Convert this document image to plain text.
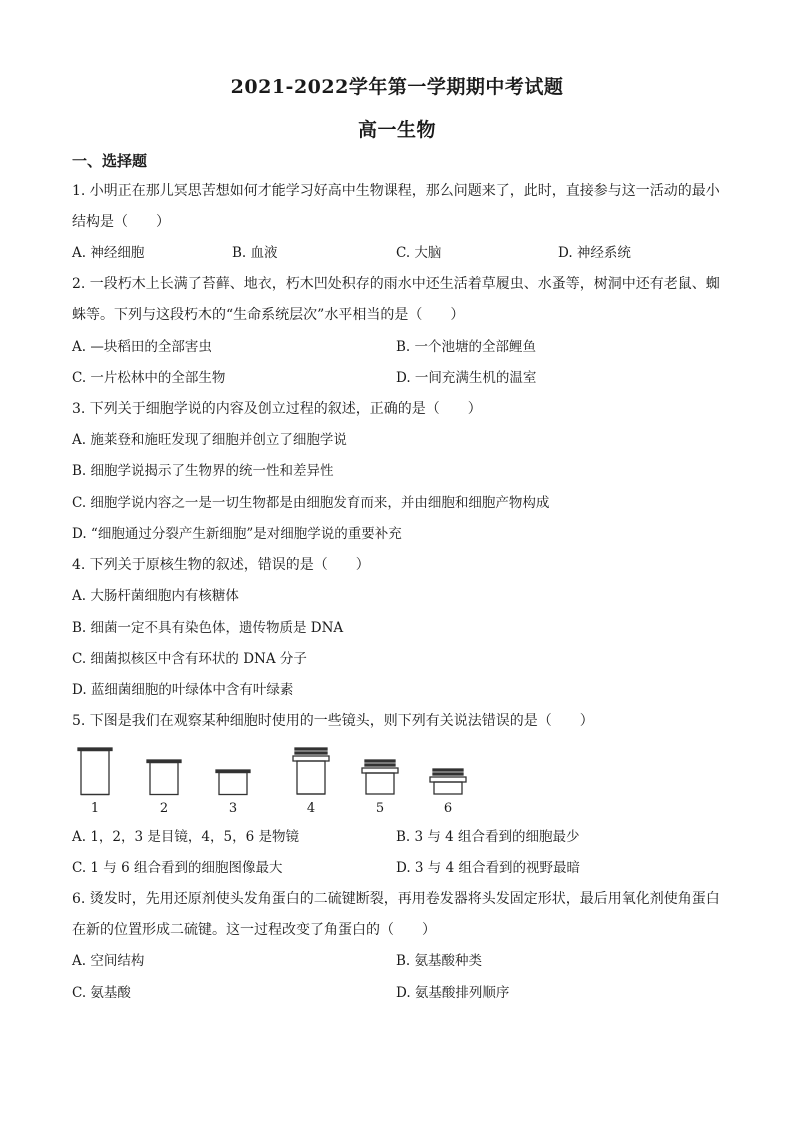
2021-2022学年第一学期期中考试题
高一生物
一、选择题
1. 小明正在那儿冥思苦想如何才能学习好高中生物课程，那么问题来了，此时，直接参与这一活动的最小
结构是（　　）
A. 神经细胞	B. 血液	C. 大脑	D. 神经系统
2. 一段朽木上长满了苔藓、地衣，朽木凹处积存的雨水中还生活着草履虫、水蚤等，树洞中还有老鼠、蜘
蛛等。下列与这段朽木的“生命系统层次”水平相当的是（　　）
A. —块稻田的全部害虫	B. 一个池塘的全部鲤鱼
C. 一片松林中的全部生物	D. 一间充满生机的温室
3. 下列关于细胞学说的内容及创立过程的叙述，正确的是（　　）
A. 施莱登和施旺发现了细胞并创立了细胞学说
B. 细胞学说揭示了生物界的统一性和差异性
C. 细胞学说内容之一是一切生物都是由细胞发育而来，并由细胞和细胞产物构成
D. “细胞通过分裂产生新细胞”是对细胞学说的重要补充
4. 下列关于原核生物的叙述，错误的是（　　）
A. 大肠杆菌细胞内有核糖体
B. 细菌一定不具有染色体，遗传物质是 DNA
C. 细菌拟核区中含有环状的 DNA 分子
D. 蓝细菌细胞的叶绿体中含有叶绿素
5. 下图是我们在观察某种细胞时使用的一些镜头，则下列有关说法错误的是（　　）
1	2	3	4	5	6
A. 1，2，3 是目镜，4，5，6 是物镜	B. 3 与 4 组合看到的细胞最少
C. 1 与 6 组合看到的细胞图像最大	D. 3 与 4 组合看到的视野最暗
6. 烫发时，先用还原剂使头发角蛋白的二硫键断裂，再用卷发器将头发固定形状，最后用氧化剂使角蛋白
在新的位置形成二硫键。这一过程改变了角蛋白的（　　）
A. 空间结构	B. 氨基酸种类
C. 氨基酸	D. 氨基酸排列顺序
